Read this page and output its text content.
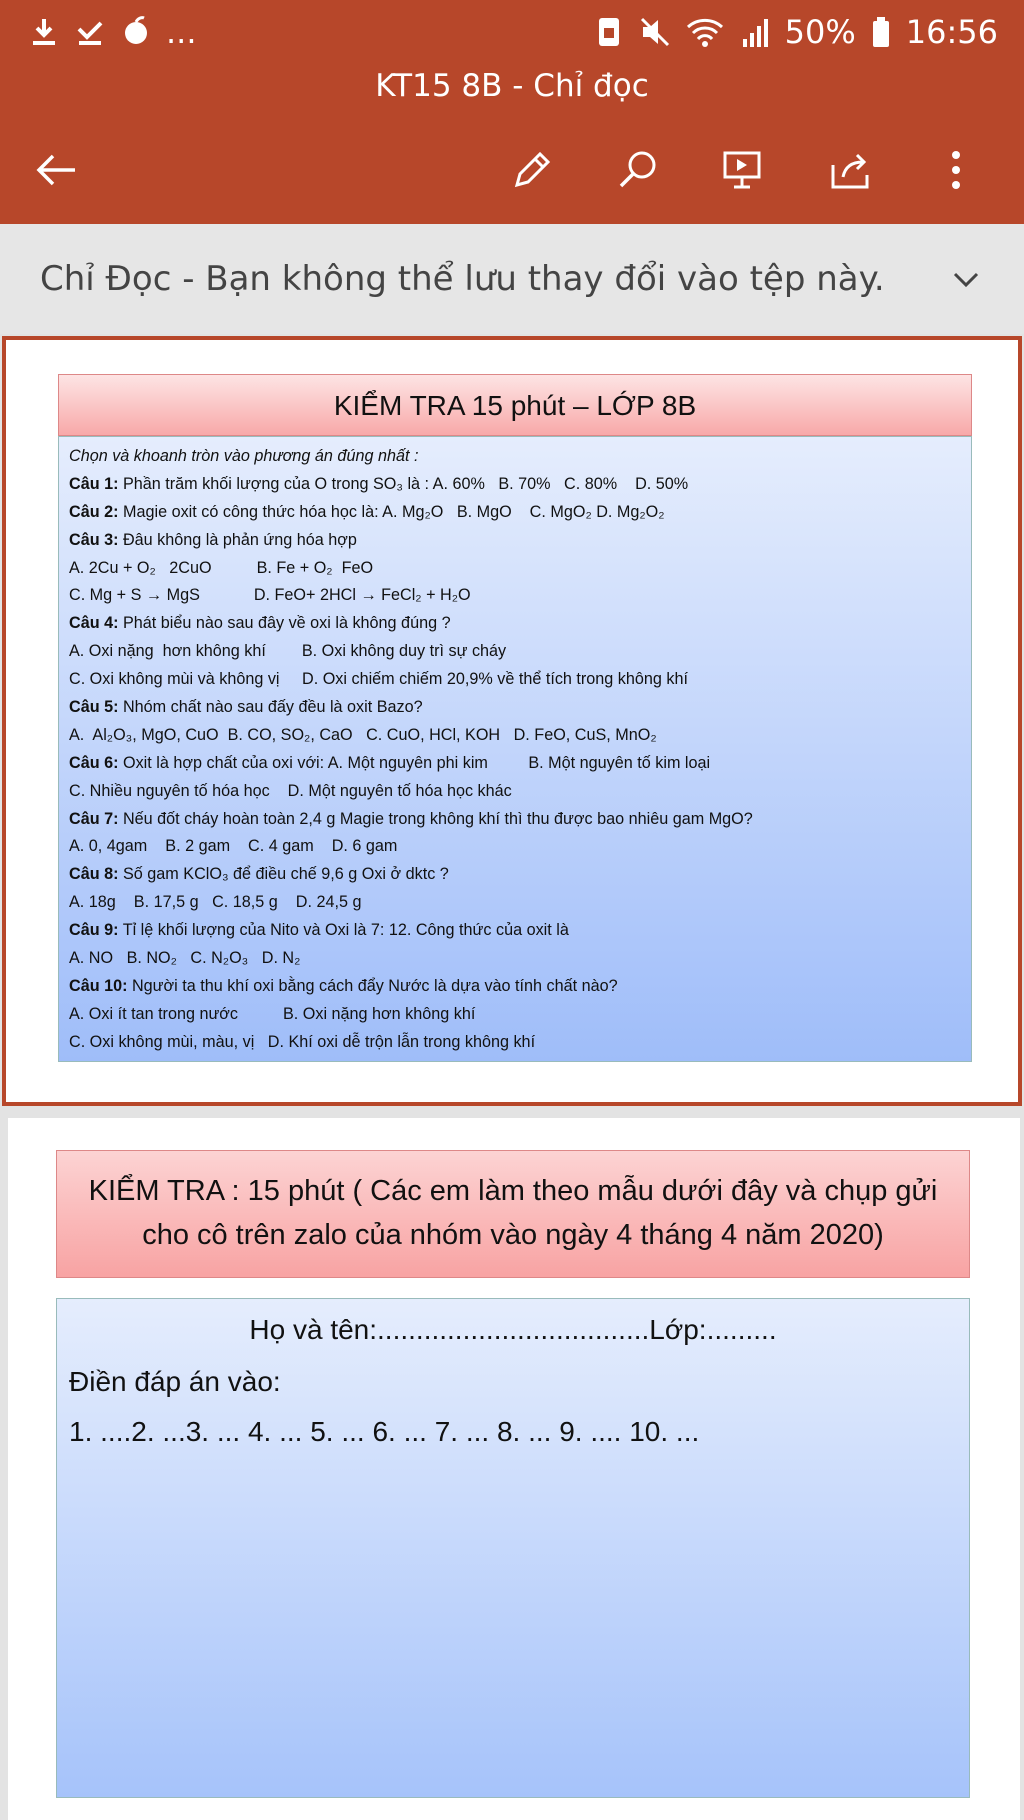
...	50% 16:56
KT15 8B - Chỉ đọc
Chỉ Đọc - Bạn không thể lưu thay đổi vào tệp này.
KIỂM TRA 15 phút – LỚP 8B
Chọn và khoanh tròn vào phương án đúng nhất :
Câu 1: Phần trăm khối lượng của O trong SO₃ là : A. 60%   B. 70%   C. 80%    D. 50%
Câu 2: Magie oxit có công thức hóa học là: A. Mg₂O   B. MgO    C. MgO₂ D. Mg₂O₂
Câu 3: Đâu không là phản ứng hóa hợp
A. 2Cu + O₂   2CuO          B. Fe + O₂  FeO
C. Mg + S → MgS            D. FeO+ 2HCl → FeCl₂ + H₂O
Câu 4: Phát biểu nào sau đây về oxi là không đúng ?
A. Oxi nặng  hơn không khí        B. Oxi không duy trì sự cháy
C. Oxi không mùi và không vị     D. Oxi chiếm chiếm 20,9% về thể tích trong không khí
Câu 5: Nhóm chất nào sau đấy đều là oxit Bazo?
A.  Al₂O₃, MgO, CuO  B. CO, SO₂, CaO   C. CuO, HCl, KOH   D. FeO, CuS, MnO₂
Câu 6: Oxit là hợp chất của oxi với: A. Một nguyên phi kim         B. Một nguyên tố kim loại
C. Nhiều nguyên tố hóa học    D. Một nguyên tố hóa học khác
Câu 7: Nếu đốt cháy hoàn toàn 2,4 g Magie trong không khí thì thu được bao nhiêu gam MgO?
A. 0, 4gam    B. 2 gam    C. 4 gam    D. 6 gam
Câu 8: Số gam KClO₃ để điều chế 9,6 g Oxi ở dktc ?
A. 18g    B. 17,5 g   C. 18,5 g    D. 24,5 g
Câu 9: Tỉ lệ khối lượng của Nito và Oxi là 7: 12. Công thức của oxit là
A. NO   B. NO₂   C. N₂O₃   D. N₂
Câu 10: Người ta thu khí oxi bằng cách đẩy Nước là dựa vào tính chất nào?
A. Oxi ít tan trong nước          B. Oxi nặng hơn không khí
C. Oxi không mùi, màu, vị   D. Khí oxi dễ trộn lẫn trong không khí
KIỂM TRA : 15 phút ( Các em làm theo mẫu dưới đây và chụp gửi
cho cô trên zalo của nhóm vào ngày 4 tháng 4 năm 2020)
Họ và tên:...................................Lớp:.........
Điền đáp án vào:
1. ....2. ...3. ... 4. ... 5. ... 6. ... 7. ... 8. ... 9. .... 10. ...
